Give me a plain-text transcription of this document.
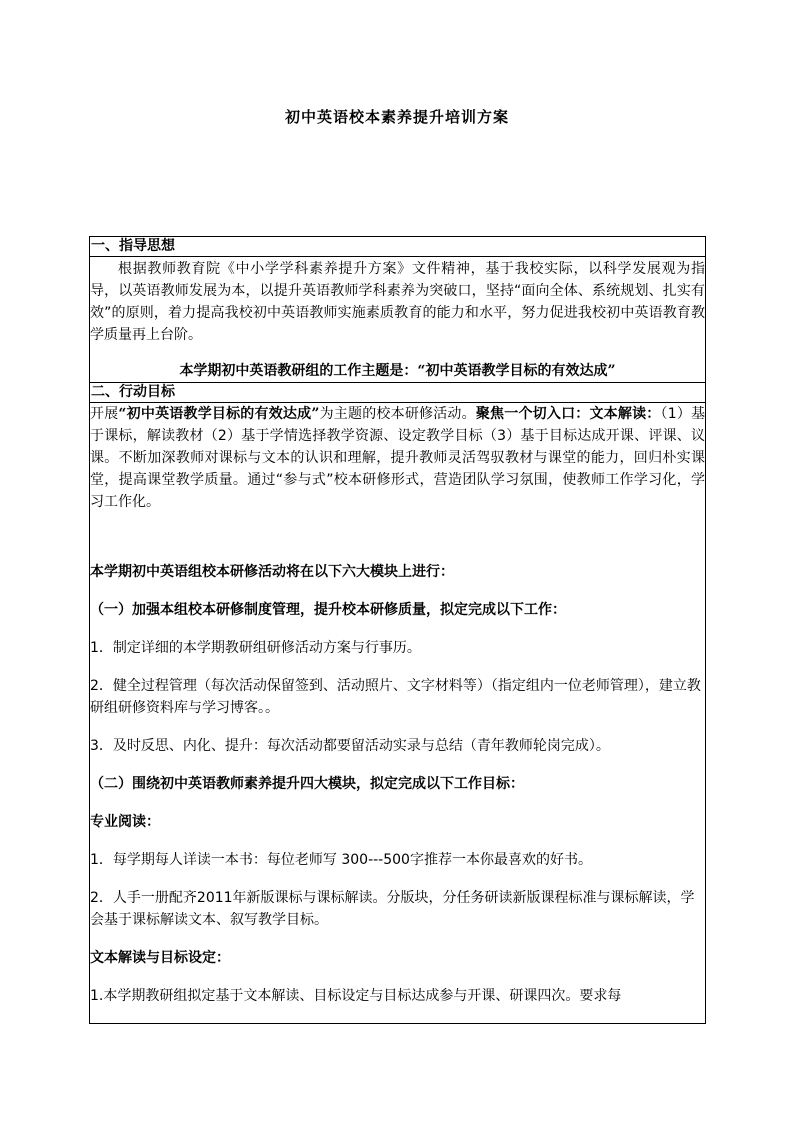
初中英语校本素养提升培训方案
一、指导思想

根据教师教育院《中小学学科素养提升方案》文件精神，基于我校实际，以科学发展观为指导，以英语教师发展为本，以提升英语教师学科素养为突破口，坚持“面向全体、系统规划、扎实有效”的原则，着力提高我校初中英语教师实施素质教育的能力和水平，努力促进我校初中英语教育教学质量再上台阶。

本学期初中英语教研组的工作主题是：“初中英语教学目标的有效达成”
二、行动目标

开展“初中英语教学目标的有效达成”为主题的校本研修活动。聚焦一个切入口：文本解读：（1）基于课标，解读教材（2）基于学情选择教学资源、设定教学目标（3）基于目标达成开课、评课、议课。不断加深教师对课标与文本的认识和理解，提升教师灵活驾驭教材与课堂的能力，回归朴实课堂，提高课堂教学质量。通过“参与式”校本研修形式，营造团队学习氛围，使教师工作学习化，学习工作化。

本学期初中英语组校本研修活动将在以下六大模块上进行：

（一）加强本组校本研修制度管理，提升校本研修质量，拟定完成以下工作：

1．制定详细的本学期教研组研修活动方案与行事历。

2．健全过程管理（每次活动保留签到、活动照片、文字材料等）（指定组内一位老师管理），建立教研组研修资料库与学习博客。。

3．及时反思、内化、提升：每次活动都要留活动实录与总结（青年教师轮岗完成）。

（二）围绕初中英语教师素养提升四大模块，拟定完成以下工作目标：

专业阅读：

1．每学期每人详读一本书：每位老师写 300---500字推荐一本你最喜欢的好书。

2．人手一册配齐2011年新版课标与课标解读。分版块，分任务研读新版课程标准与课标解读，学会基于课标解读文本、叙写教学目标。

文本解读与目标设定：

1.本学期教研组拟定基于文本解读、目标设定与目标达成参与开课、研课四次。要求每
